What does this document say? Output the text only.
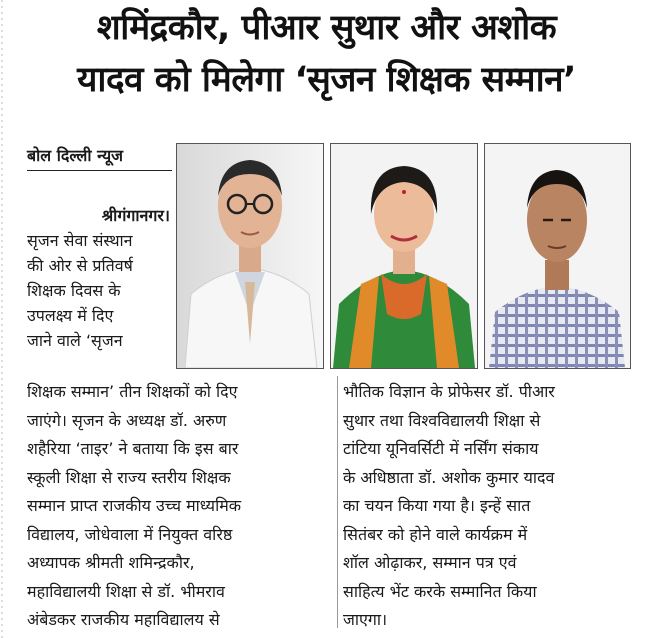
शमिंद्रकौर, पीआर सुथार और अशोक
यादव को मिलेगा ‘सृजन शिक्षक सम्मान’
बोल दिल्ली न्यूज
श्रीगंगानगर।
सृजन सेवा संस्थान
की ओर से प्रतिवर्ष
शिक्षक दिवस के
उपलक्ष्य में दिए
जाने वाले ‘सृजन
शिक्षक सम्मान’ तीन शिक्षकों को दिए
जाएंगे। सृजन के अध्यक्ष डॉ. अरुण
शहैरिया ‘ताइर’ ने बताया कि इस बार
स्कूली शिक्षा से राज्य स्तरीय शिक्षक
सम्मान प्राप्त राजकीय उच्च माध्यमिक
विद्यालय, जोधेवाला में नियुक्त वरिष्ठ
अध्यापक श्रीमती शमिन्द्रकौर,
महाविद्यालयी शिक्षा से डॉ. भीमराव
अंबेडकर राजकीय महाविद्यालय से
भौतिक विज्ञान के प्रोफेसर डॉ. पीआर
सुथार तथा विश्वविद्यालयी शिक्षा से
टांटिया यूनिवर्सिटी में नर्सिंग संकाय
के अधिष्ठाता डॉ. अशोक कुमार यादव
का चयन किया गया है। इन्हें सात
सितंबर को होने वाले कार्यक्रम में
शॉल ओढ़ाकर, सम्मान पत्र एवं
साहित्य भेंट करके सम्मानित किया
जाएगा।
